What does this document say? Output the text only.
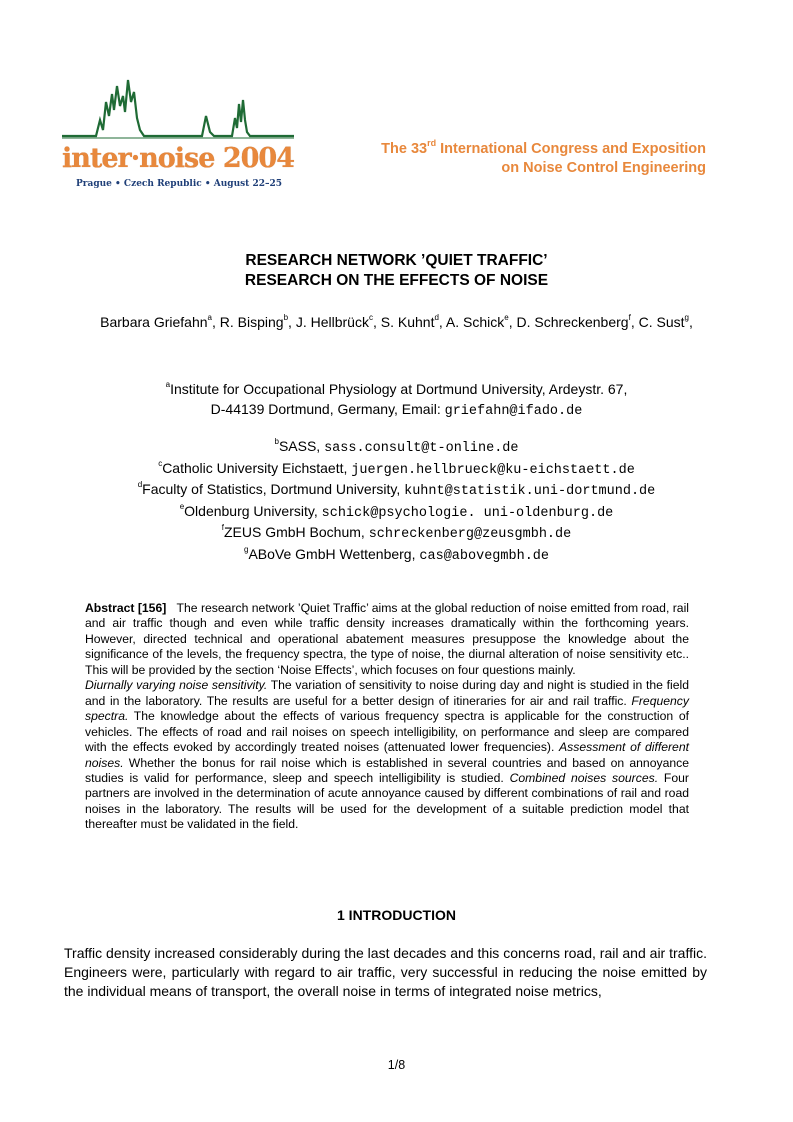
inter·noise 2004
Prague • Czech Republic • August 22–25
The 33rd International Congress and Exposition
on Noise Control Engineering
RESEARCH NETWORK ’QUIET TRAFFIC’
RESEARCH ON THE EFFECTS OF NOISE
Barbara Griefahn$^a$, R. Bisping$^b$, J. Hellbrück$^c$, S. Kuhnt$^d$, A. Schick$^e$, D. Schreckenberg$^f$, C. Sust$^g$,
$^a$Institute for Occupational Physiology at Dortmund University, Ardeystr. 67,
D-44139 Dortmund, Germany, Email: griefahn@ifado.de
$^b$SASS, sass.consult@t-online.de
$^c$Catholic University Eichstaett, juergen.hellbrueck@ku-eichstaett.de
$^d$Faculty of Statistics, Dortmund University, kuhnt@statistik.uni-dortmund.de
$^e$Oldenburg University, schick@psychologie. uni-oldenburg.de
$^f$ZEUS GmbH Bochum, schreckenberg@zeusgmbh.de
$^g$ABoVe GmbH Wettenberg, cas@abovegmbh.de

Abstract [156] The research network ’Quiet Traffic’ aims at the global reduction of noise emitted from road, rail and air traffic though and even while traffic density increases dramatically within the forthcoming years. However, directed technical and operational abatement measures presuppose the knowledge about the significance of the levels, the frequency spectra, the type of noise, the diurnal alteration of noise sensitivity etc.. This will be provided by the section ‘Noise Effects’, which focuses on four questions mainly.

Diurnally varying noise sensitivity. The variation of sensitivity to noise during day and night is studied in the field and in the laboratory. The results are useful for a better design of itineraries for air and rail traffic. Frequency spectra. The knowledge about the effects of various frequency spectra is applicable for the construction of vehicles. The effects of road and rail noises on speech intelligibility, on performance and sleep are compared with the effects evoked by accordingly treated noises (attenuated lower frequencies). Assessment of different noises. Whether the bonus for rail noise which is established in several countries and based on annoyance studies is valid for performance, sleep and speech intelligibility is studied. Combined noises sources. Four partners are involved in the determination of acute annoyance caused by different combinations of rail and road noises in the laboratory. The results will be used for the development of a suitable prediction model that thereafter must be validated in the field.

1 INTRODUCTION

Traffic density increased considerably during the last decades and this concerns road, rail and air traffic. Engineers were, particularly with regard to air traffic, very successful in reducing the noise emitted by the individual means of transport, the overall noise in terms of integrated noise metrics,

1/8
